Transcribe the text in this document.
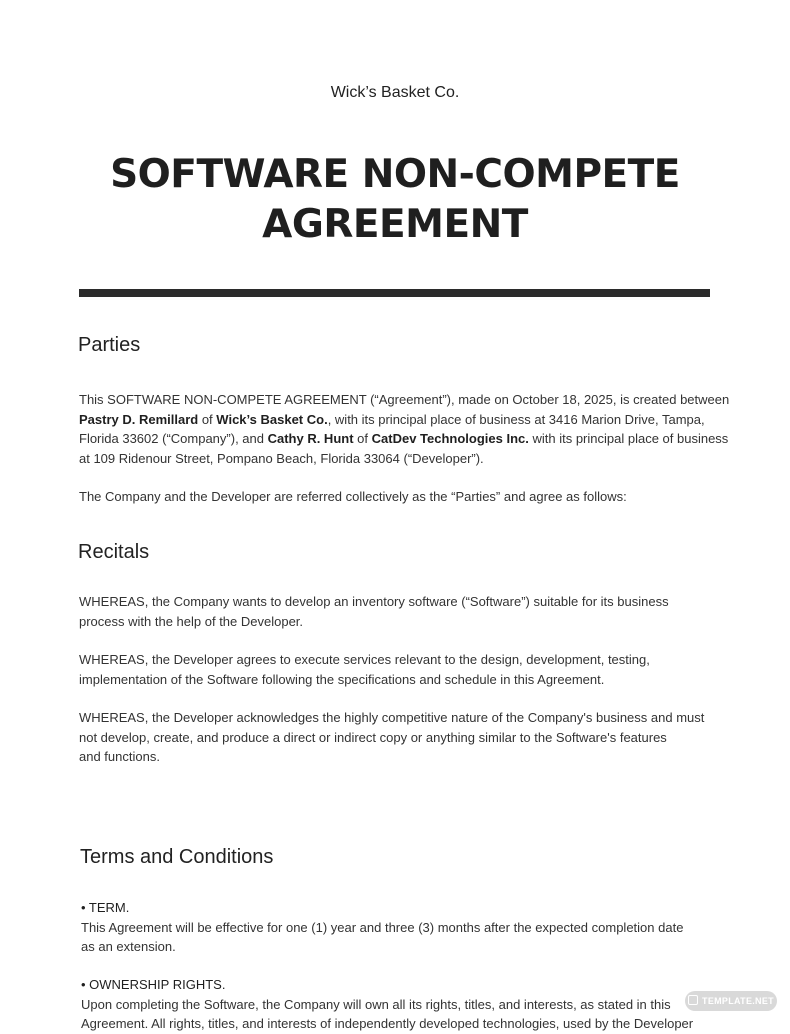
Wick’s Basket Co.
SOFTWARE NON-COMPETE
AGREEMENT
Parties
This SOFTWARE NON-COMPETE AGREEMENT (“Agreement”), made on October 18, 2025, is created between
Pastry D. Remillard of Wick’s Basket Co., with its principal place of business at 3416 Marion Drive, Tampa,
Florida 33602 (“Company”), and Cathy R. Hunt of CatDev Technologies Inc. with its principal place of business
at 109 Ridenour Street, Pompano Beach, Florida 33064 (“Developer”).
The Company and the Developer are referred collectively as the “Parties” and agree as follows:
Recitals
WHEREAS, the Company wants to develop an inventory software (“Software”) suitable for its business
process with the help of the Developer.
WHEREAS, the Developer agrees to execute services relevant to the design, development, testing,
implementation of the Software following the specifications and schedule in this Agreement.
WHEREAS, the Developer acknowledges the highly competitive nature of the Company's business and must
not develop, create, and produce a direct or indirect copy or anything similar to the Software's features
and functions.
Terms and Conditions
• TERM.
This Agreement will be effective for one (1) year and three (3) months after the expected completion date
as an extension.
• OWNERSHIP RIGHTS.
Upon completing the Software, the Company will own all its rights, titles, and interests, as stated in this
Agreement. All rights, titles, and interests of independently developed technologies, used by the Developer
TEMPLATE.NET
